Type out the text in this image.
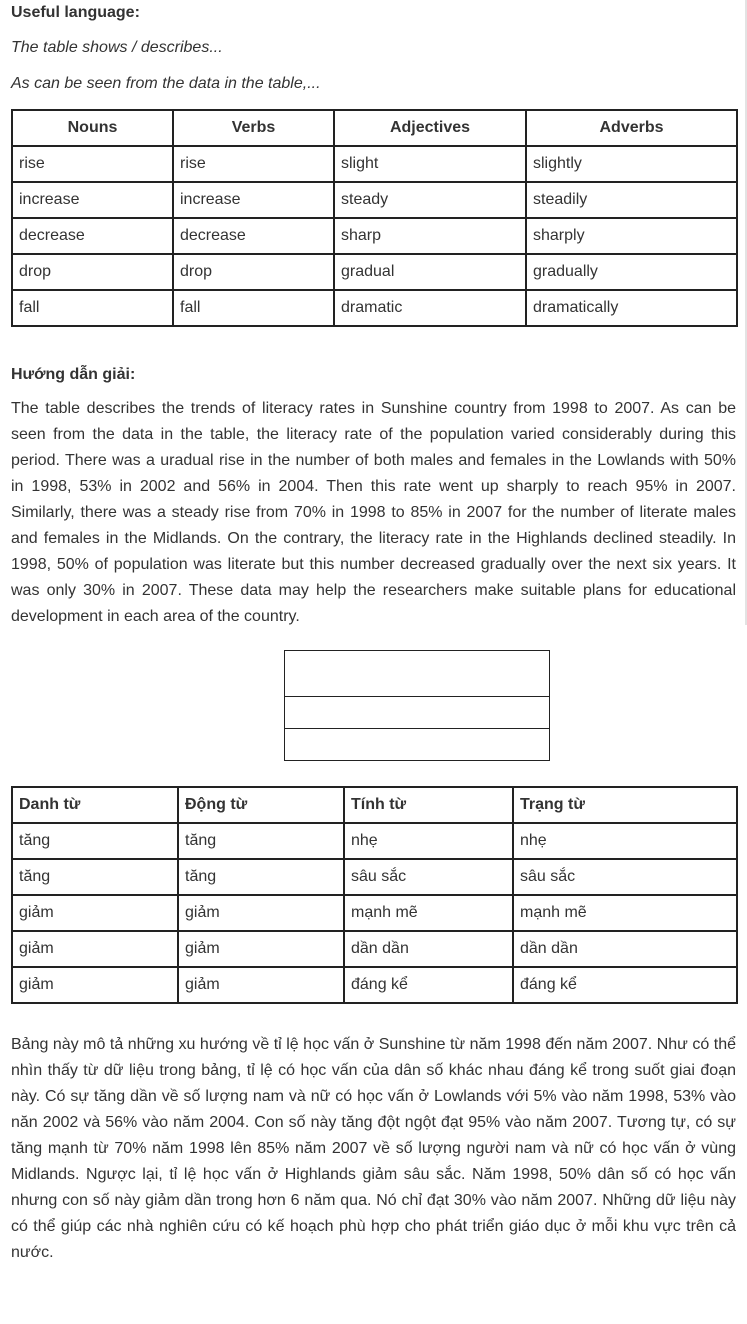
Useful language:

The table shows / describes...

As can be seen from the data in the table,...

Nouns	Verbs	Adjectives	Adverbs
rise	rise	slight	slightly
increase	increase	steady	steadily
decrease	decrease	sharp	sharply
drop	drop	gradual	gradually
fall	fall	dramatic	dramatically

Hướng dẫn giải:

The table describes the trends of literacy rates in Sunshine country from 1998 to 2007. As can be seen from the data in the table, the literacy rate of the population varied considerably during this period. There was a uradual rise in the number of both males and females in the Lowlands with 50% in 1998, 53% in 2002 and 56% in 2004. Then this rate went up sharply to reach 95% in 2007. Similarly, there was a steady rise from 70% in 1998 to 85% in 2007 for the number of literate males and females in the Midlands. On the contrary, the literacy rate in the Highlands declined steadily. In 1998, 50% of population was literate but this number decreased gradually over the next six years. It was only 30% in 2007. These data may help the researchers make suitable plans for educational development in each area of the country.

Danh từ	Động từ	Tính từ	Trạng từ
tăng	tăng	nhẹ	nhẹ
tăng	tăng	sâu sắc	sâu sắc
giảm	giảm	mạnh mẽ	mạnh mẽ
giảm	giảm	dần dần	dần dần
giảm	giảm	đáng kể	đáng kể

Bảng này mô tả những xu hướng về tỉ lệ học vấn ở Sunshine từ năm 1998 đến năm 2007. Như có thể nhìn thấy từ dữ liệu trong bảng, tỉ lệ có học vấn của dân số khác nhau đáng kể trong suốt giai đoạn này. Có sự tăng dần về số lượng nam và nữ có học vấn ở Lowlands với 5% vào năm 1998, 53% vào năn 2002 và 56% vào năm 2004. Con số này tăng đột ngột đạt 95% vào năm 2007. Tương tự, có sự tăng mạnh từ 70% năm 1998 lên 85% năm 2007 về số lượng người nam và nữ có học vấn ở vùng Midlands. Ngược lại, tỉ lệ học vấn ở Highlands giảm sâu sắc. Năm 1998, 50% dân số có học vấn nhưng con số này giảm dần trong hơn 6 năm qua. Nó chỉ đạt 30% vào năm 2007. Những dữ liệu này có thể giúp các nhà nghiên cứu có kế hoạch phù hợp cho phát triển giáo dục ở mỗi khu vực trên cả nước.
